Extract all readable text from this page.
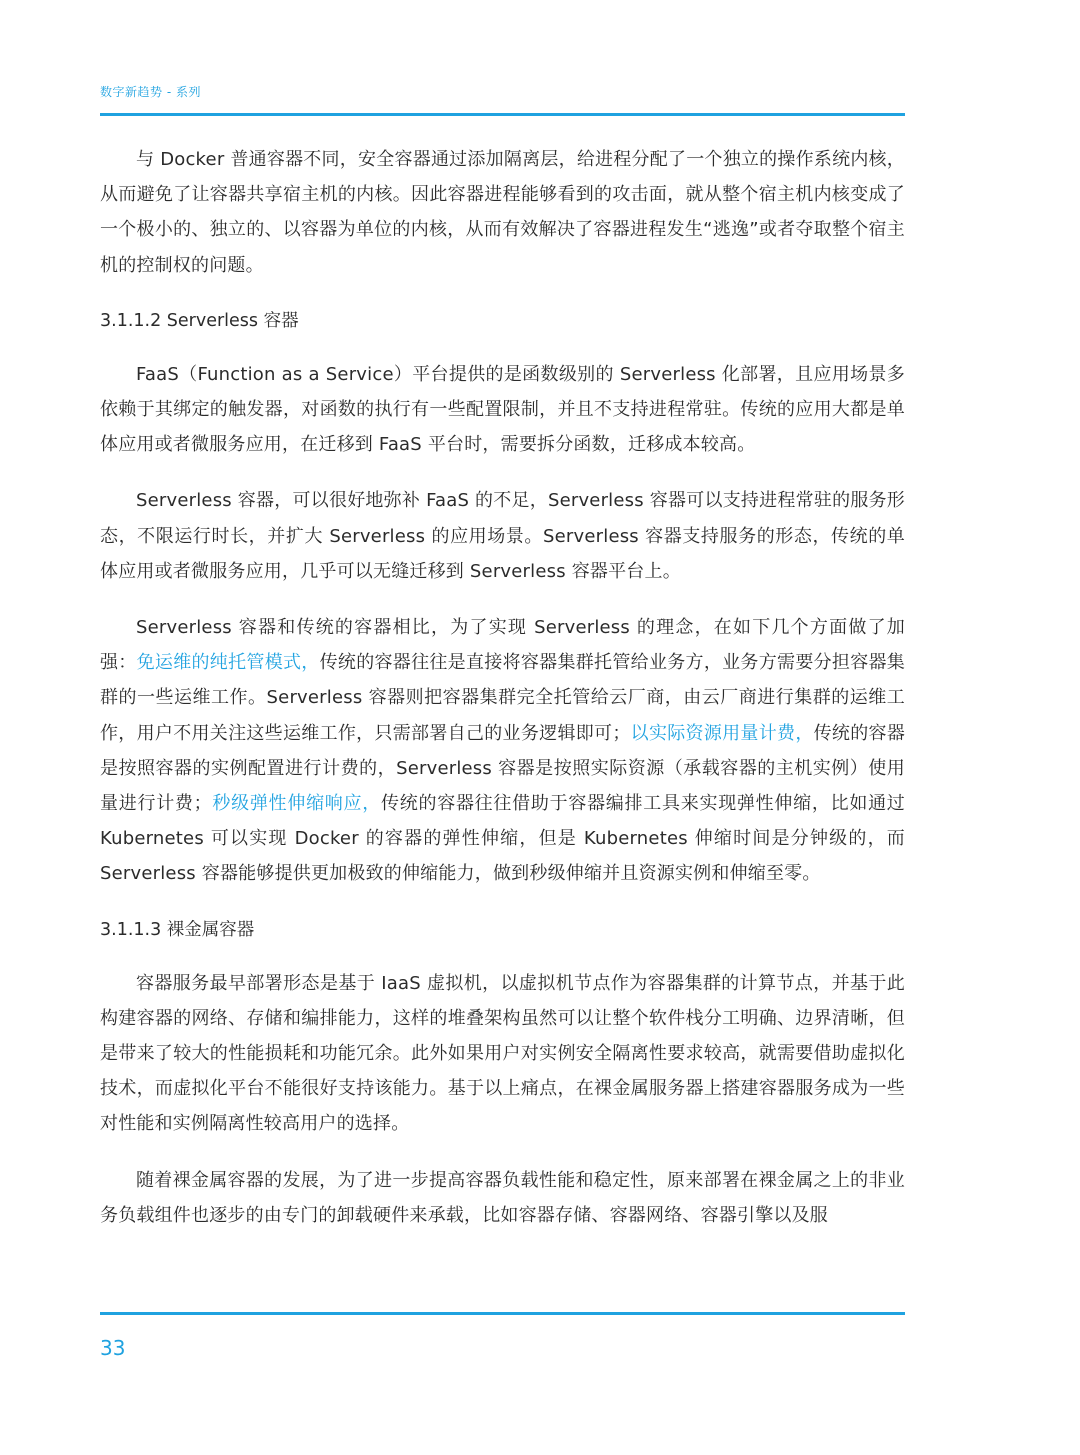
数字新趋势 - 系列

与 Docker 普通容器不同，安全容器通过添加隔离层，给进程分配了一个独立的操作系统内核，从而避免了让容器共享宿主机的内核。因此容器进程能够看到的攻击面，就从整个宿主机内核变成了一个极小的、独立的、以容器为单位的内核，从而有效解决了容器进程发生“逃逸”或者夺取整个宿主机的控制权的问题。

3.1.1.2 Serverless 容器

FaaS（Function as a Service）平台提供的是函数级别的 Serverless 化部署，且应用场景多依赖于其绑定的触发器，对函数的执行有一些配置限制，并且不支持进程常驻。传统的应用大都是单体应用或者微服务应用，在迁移到 FaaS 平台时，需要拆分函数，迁移成本较高。

Serverless 容器，可以很好地弥补 FaaS 的不足，Serverless 容器可以支持进程常驻的服务形态，不限运行时长，并扩大 Serverless 的应用场景。Serverless 容器支持服务的形态，传统的单体应用或者微服务应用，几乎可以无缝迁移到 Serverless 容器平台上。

Serverless 容器和传统的容器相比，为了实现 Serverless 的理念，在如下几个方面做了加强：免运维的纯托管模式，传统的容器往往是直接将容器集群托管给业务方，业务方需要分担容器集群的一些运维工作。Serverless 容器则把容器集群完全托管给云厂商，由云厂商进行集群的运维工作，用户不用关注这些运维工作，只需部署自己的业务逻辑即可；以实际资源用量计费，传统的容器是按照容器的实例配置进行计费的，Serverless 容器是按照实际资源（承载容器的主机实例）使用量进行计费；秒级弹性伸缩响应，传统的容器往往借助于容器编排工具来实现弹性伸缩，比如通过 Kubernetes 可以实现 Docker 的容器的弹性伸缩，但是 Kubernetes 伸缩时间是分钟级的，而 Serverless 容器能够提供更加极致的伸缩能力，做到秒级伸缩并且资源实例和伸缩至零。

3.1.1.3 裸金属容器

容器服务最早部署形态是基于 IaaS 虚拟机，以虚拟机节点作为容器集群的计算节点，并基于此构建容器的网络、存储和编排能力，这样的堆叠架构虽然可以让整个软件栈分工明确、边界清晰，但是带来了较大的性能损耗和功能冗余。此外如果用户对实例安全隔离性要求较高，就需要借助虚拟化技术，而虚拟化平台不能很好支持该能力。基于以上痛点，在裸金属服务器上搭建容器服务成为一些对性能和实例隔离性较高用户的选择。

随着裸金属容器的发展，为了进一步提高容器负载性能和稳定性，原来部署在裸金属之上的非业务负载组件也逐步的由专门的卸载硬件来承载，比如容器存储、容器网络、容器引擎以及服

33
